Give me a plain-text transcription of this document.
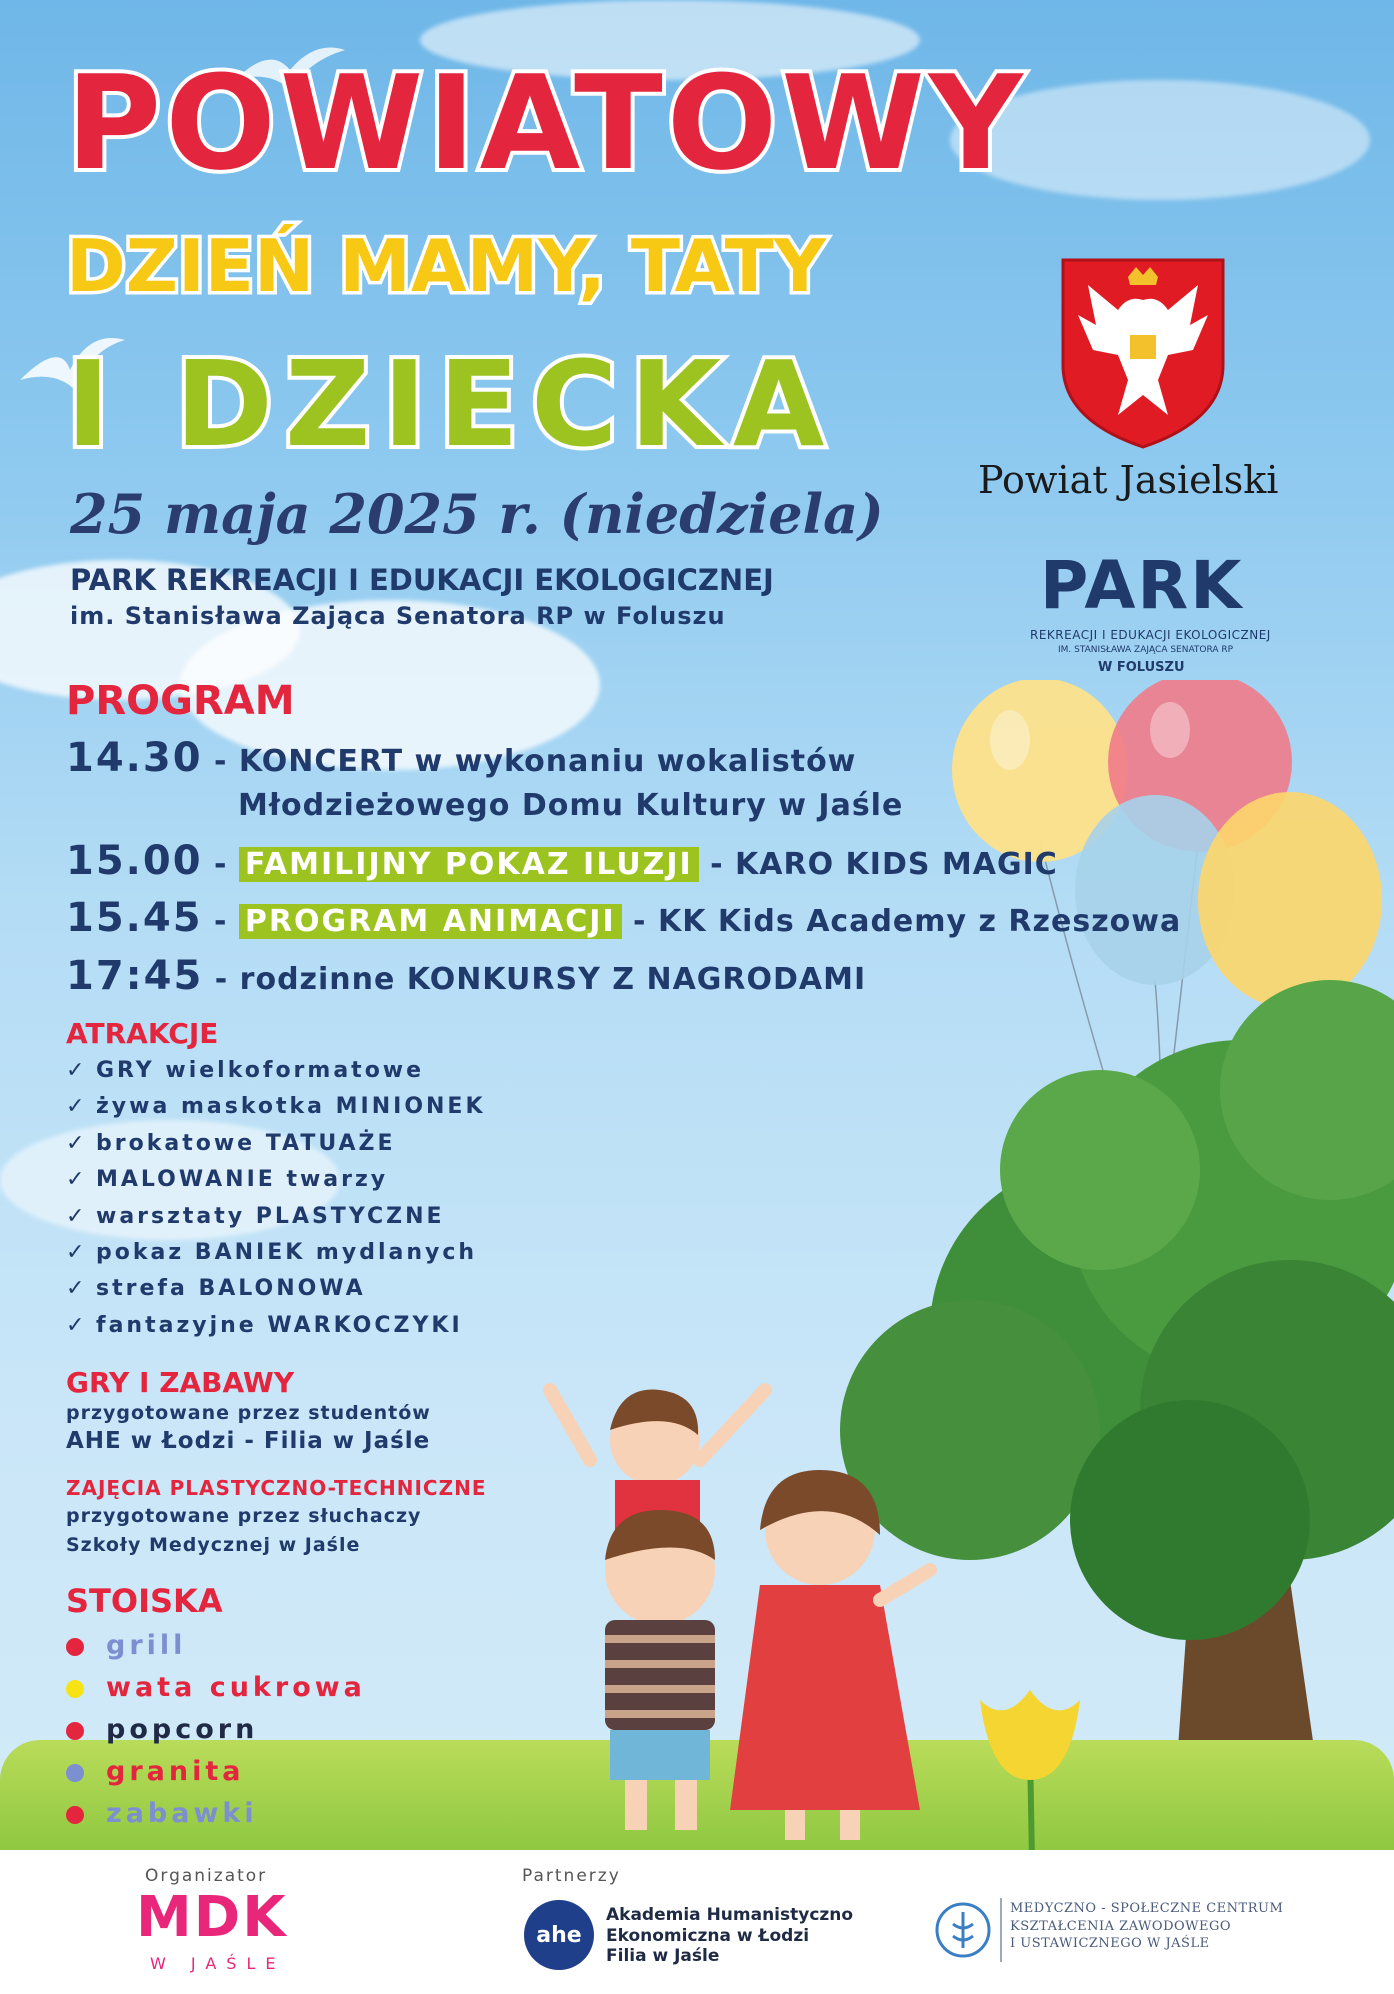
POWIATOWY
DZIEŃ MAMY, TATY
I DZIECKA
25 maja 2025 r. (niedziela)
PARK REKREACJI I EDUKACJI EKOLOGICZNEJ
im. Stanisława Zająca Senatora RP w Foluszu
Powiat Jasielski
PARK
REKREACJI I EDUKACJI EKOLOGICZNEJ
IM. STANISŁAWA ZAJĄCA SENATORA RP
W FOLUSZU
PROGRAM
14.30 - KONCERT w wykonaniu wokalistów
Młodzieżowego Domu Kultury w Jaśle
15.00 - FAMILIJNY POKAZ ILUZJI - KARO KIDS MAGIC
15.45 - PROGRAM ANIMACJI - KK Kids Academy z Rzeszowa
17:45 - rodzinne KONKURSY Z NAGRODAMI
ATRAKCJE
✓ GRY wielkoformatowe
✓ żywa maskotka MINIONEK
✓ brokatowe TATUAŻE
✓ MALOWANIE twarzy
✓ warsztaty PLASTYCZNE
✓ pokaz BANIEK mydlanych
✓ strefa BALONOWA
✓ fantazyjne WARKOCZYKI
GRY I ZABAWY
przygotowane przez studentów
AHE w Łodzi - Filia w Jaśle
ZAJĘCIA PLASTYCZNO-TECHNICZNE
przygotowane przez słuchaczy
Szkoły Medycznej w Jaśle
STOISKA
grill
wata cukrowa
popcorn
granita
zabawki
Organizator
MDK
W JAŚLE
Partnerzy
ahe
Akademia Humanistyczno
Ekonomiczna w Łodzi
Filia w Jaśle
MEDYCZNO - SPOŁECZNE CENTRUM
KSZTAŁCENIA ZAWODOWEGO
I USTAWICZNEGO W JAŚLE
